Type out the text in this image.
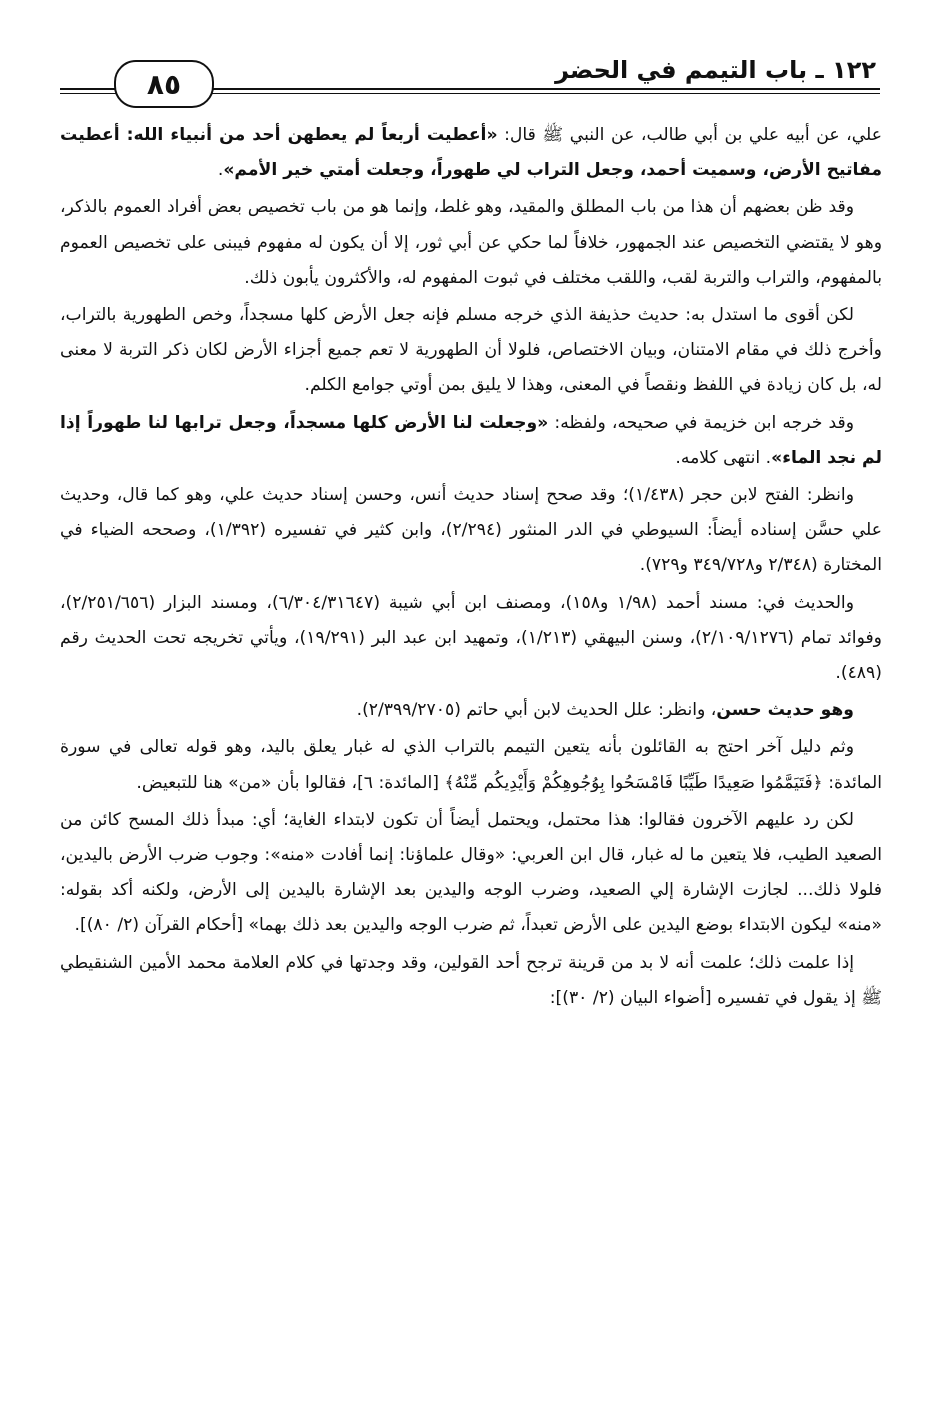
٨٥	١٢٢ ـ باب التيمم في الحضر

علي، عن أبيه علي بن أبي طالب، عن النبي ﷺ قال: «أعطيت أربعاً لم يعطهن أحد من أنبياء الله: أعطيت مفاتيح الأرض، وسميت أحمد، وجعل التراب لي طهوراً، وجعلت أمتي خير الأمم».

وقد ظن بعضهم أن هذا من باب المطلق والمقيد، وهو غلط، وإنما هو من باب تخصيص بعض أفراد العموم بالذكر، وهو لا يقتضي التخصيص عند الجمهور، خلافاً لما حكي عن أبي ثور، إلا أن يكون له مفهوم فيبنى على تخصيص العموم بالمفهوم، والتراب والتربة لقب، واللقب مختلف في ثبوت المفهوم له، والأكثرون يأبون ذلك.

لكن أقوى ما استدل به: حديث حذيفة الذي خرجه مسلم فإنه جعل الأرض كلها مسجداً، وخص الطهورية بالتراب، وأخرج ذلك في مقام الامتنان، وبيان الاختصاص، فلولا أن الطهورية لا تعم جميع أجزاء الأرض لكان ذكر التربة لا معنى له، بل كان زيادة في اللفظ ونقصاً في المعنى، وهذا لا يليق بمن أوتي جوامع الكلم.

وقد خرجه ابن خزيمة في صحيحه، ولفظه: «وجعلت لنا الأرض كلها مسجداً، وجعل ترابها لنا طهوراً إذا لم نجد الماء». انتهى كلامه.

وانظر: الفتح لابن حجر (١/٤٣٨)؛ وقد صحح إسناد حديث أنس، وحسن إسناد حديث علي، وهو كما قال، وحديث علي حسَّن إسناده أيضاً: السيوطي في الدر المنثور (٢/٢٩٤)، وابن كثير في تفسيره (١/٣٩٢)، وصححه الضياء في المختارة (٢/٣٤٨ و٣٤٩/٧٢٨ و٧٢٩).

والحديث في: مسند أحمد (١/٩٨ و١٥٨)، ومصنف ابن أبي شيبة (٦/٣٠٤/٣١٦٤٧)، ومسند البزار (٢/٢٥١/٦٥٦)، وفوائد تمام (٢/١٠٩/١٢٧٦)، وسنن البيهقي (١/٢١٣)، وتمهيد ابن عبد البر (١٩/٢٩١)، ويأتي تخريجه تحت الحديث رقم (٤٨٩).

وهو حديث حسن، وانظر: علل الحديث لابن أبي حاتم (٢/٣٩٩/٢٧٠٥).

وثم دليل آخر احتج به القائلون بأنه يتعين التيمم بالتراب الذي له غبار يعلق باليد، وهو قوله تعالى في سورة المائدة: ﴿فَتَيَمَّمُوا صَعِيدًا طَيِّبًا فَامْسَحُوا بِوُجُوهِكُمْ وَأَيْدِيكُم مِّنْهُ﴾ [المائدة: ٦]، فقالوا بأن «من» هنا للتبعيض.

لكن رد عليهم الآخرون فقالوا: هذا محتمل، ويحتمل أيضاً أن تكون لابتداء الغاية؛ أي: مبدأ ذلك المسح كائن من الصعيد الطيب، فلا يتعين ما له غبار، قال ابن العربي: «وقال علماؤنا: إنما أفادت «منه»: وجوب ضرب الأرض باليدين، فلولا ذلك... لجازت الإشارة إلي الصعيد، وضرب الوجه واليدين بعد الإشارة باليدين إلى الأرض، ولكنه أكد بقوله: «منه» ليكون الابتداء بوضع اليدين على الأرض تعبداً، ثم ضرب الوجه واليدين بعد ذلك بهما» [أحكام القرآن (٢/ ٨٠)].

إذا علمت ذلك؛ علمت أنه لا بد من قرينة ترجح أحد القولين، وقد وجدتها في كلام العلامة محمد الأمين الشنقيطي ﷺ إذ يقول في تفسيره [أضواء البيان (٢/ ٣٠)]:
